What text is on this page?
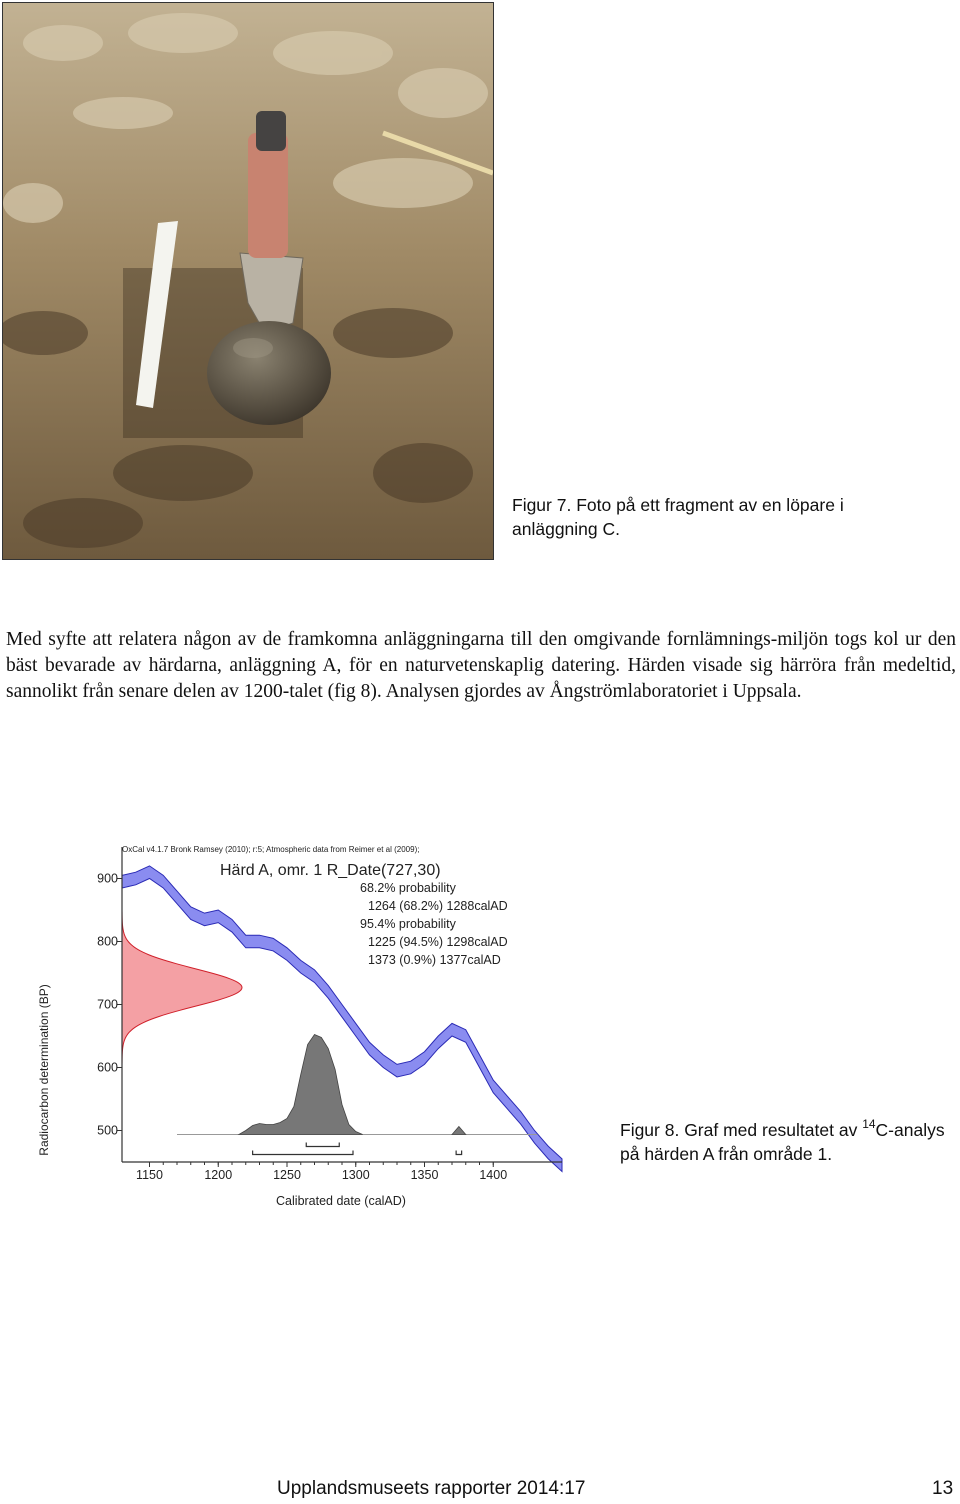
Figur 7. Foto på ett fragment av en löpare i anläggning C.

Med syfte att relatera någon av de framkomna anläggningarna till den omgivande fornlämnings-miljön togs kol ur den bäst bevarade av härdarna, anläggning A, för en naturvetenskaplig datering. Härden visade sig härröra från medeltid, sannolikt från senare delen av 1200-talet (fig 8). Analysen gjordes av Ångströmlaboratoriet i Uppsala.

1150	1200	1250	1300	1350	1400
500
600
700
800
900
OxCal v4.1.7 Bronk Ramsey (2010); r:5; Atmospheric data from Reimer et al (2009);
Härd A, omr. 1 R_Date(727,30)
68.2% probability
1264 (68.2%) 1288calAD
95.4% probability
1225 (94.5%) 1298calAD
1373 (0.9%) 1377calAD
Radiocarbon determination (BP)
Calibrated date (calAD)
Figur 8. Graf med resultatet av $^{14}$C-analys på härden A från område 1.
Upplandsmuseets rapporter 2014:17	13
